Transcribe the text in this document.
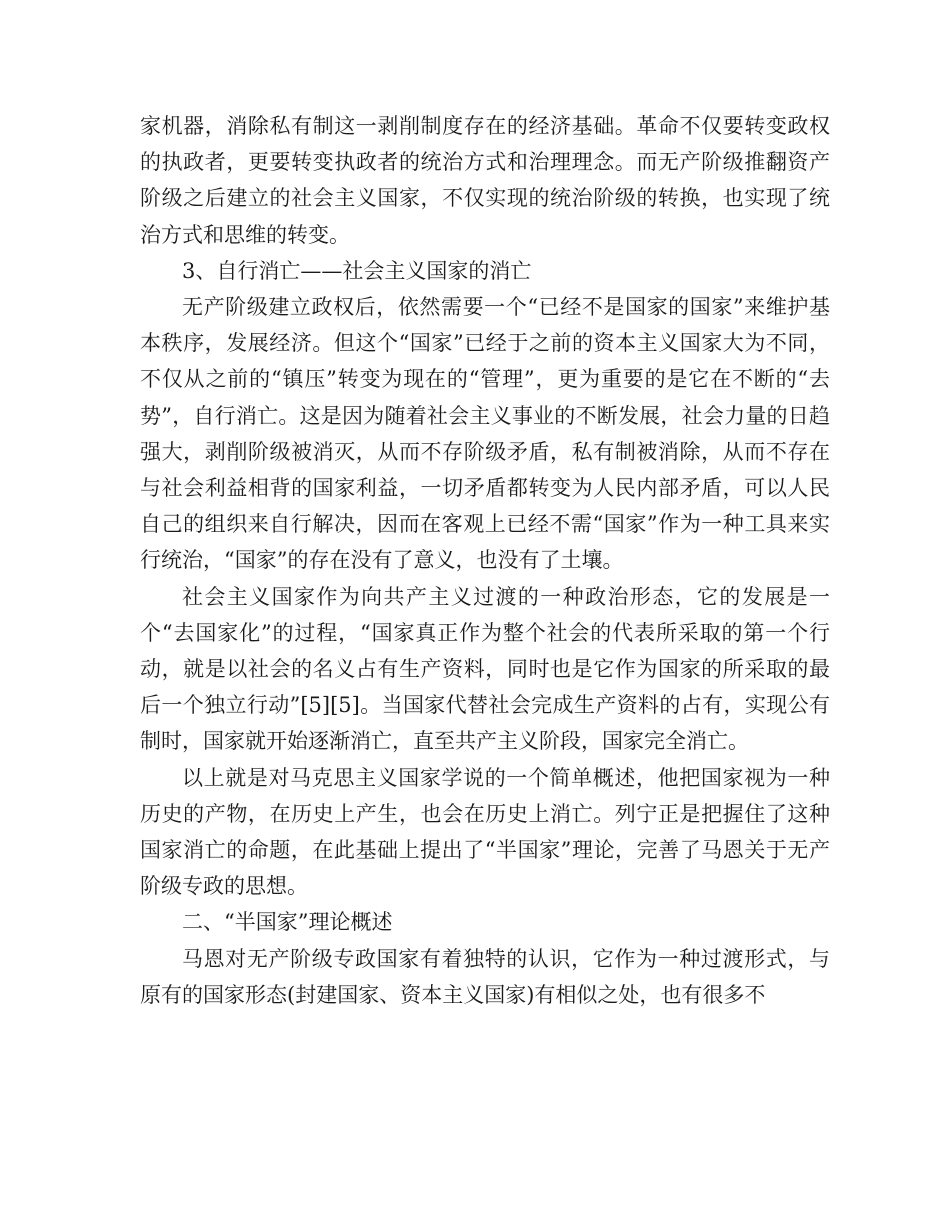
家机器，消除私有制这一剥削制度存在的经济基础。革命不仅要转变政权的执政者，更要转变执政者的统治方式和治理理念。而无产阶级推翻资产阶级之后建立的社会主义国家，不仅实现的统治阶级的转换，也实现了统治方式和思维的转变。

3、自行消亡——社会主义国家的消亡

无产阶级建立政权后，依然需要一个“已经不是国家的国家”来维护基本秩序，发展经济。但这个“国家”已经于之前的资本主义国家大为不同，不仅从之前的“镇压”转变为现在的“管理”，更为重要的是它在不断的“去势”，自行消亡。这是因为随着社会主义事业的不断发展，社会力量的日趋强大，剥削阶级被消灭，从而不存阶级矛盾，私有制被消除，从而不存在与社会利益相背的国家利益，一切矛盾都转变为人民内部矛盾，可以人民自己的组织来自行解决，因而在客观上已经不需“国家”作为一种工具来实行统治，“国家”的存在没有了意义，也没有了土壤。

社会主义国家作为向共产主义过渡的一种政治形态，它的发展是一个“去国家化”的过程，“国家真正作为整个社会的代表所采取的第一个行动，就是以社会的名义占有生产资料，同时也是它作为国家的所采取的最后一个独立行动”[5][5]。当国家代替社会完成生产资料的占有，实现公有制时，国家就开始逐渐消亡，直至共产主义阶段，国家完全消亡。

以上就是对马克思主义国家学说的一个简单概述，他把国家视为一种历史的产物，在历史上产生，也会在历史上消亡。列宁正是把握住了这种国家消亡的命题，在此基础上提出了“半国家”理论，完善了马恩关于无产阶级专政的思想。

二、“半国家”理论概述

马恩对无产阶级专政国家有着独特的认识，它作为一种过渡形式，与原有的国家形态(封建国家、资本主义国家)有相似之处，也有很多不
